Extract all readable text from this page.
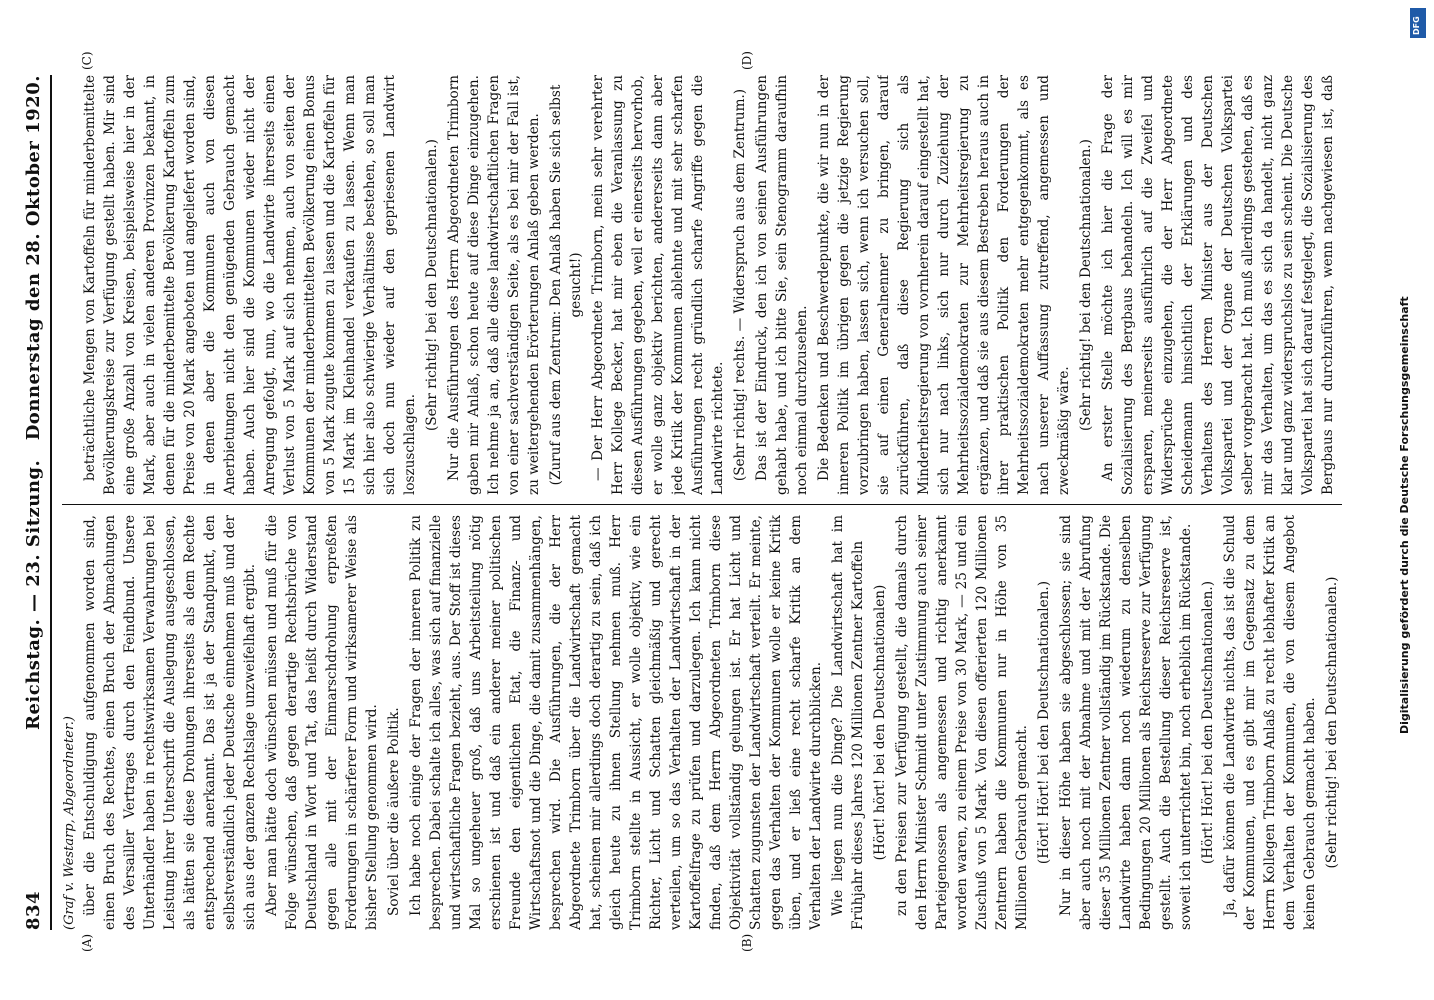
834
Reichstag. — 23. Sitzung.
Donnerstag den 28. Oktober 1920.
(Graf v. Westarp, Abgeordneter.)
(A)	(B)
(C)	(D)

über die Entschuldigung aufgenommen worden sind, einen Bruch des Rechtes, einen Bruch der Abmachungen des Versailler Vertrages durch den Feindbund. Unsere Unterhändler haben in rechtswirksamen Verwahrungen bei Leistung ihrer Unterschrift die Auslegung ausgeschlossen, als hätten sie diese Drohungen ihrerseits als dem Rechte entsprechend anerkannt. Das ist ja der Standpunkt, den selbstverständlich jeder Deutsche einnehmen muß und der sich aus der ganzen Rechtslage unzweifelhaft ergibt. Aber man hätte doch wünschen müssen und muß für die Folge wünschen, daß gegen derartige Rechtsbrüche von Deutschland in Wort und Tat, das heißt durch Widerstand gegen alle mit der Einmarschdrohung erpreßten Forderungen in schärferer Form und wirksamerer Weise als bisher Stellung genommen wird. Soviel über die äußere Politik. Ich habe noch einige der Fragen der inneren Politik zu besprechen. Dabei schalte ich alles, was sich auf finanzielle und wirtschaftliche Fragen bezieht, aus. Der Stoff ist dieses Mal so ungeheuer groß, daß uns Arbeitsteilung nötig erschienen ist und daß ein anderer meiner politischen Freunde den eigentlichen Etat, die Finanz- und Wirtschaftsnot und die Dinge, die damit zusammenhängen, besprechen wird. Die Ausführungen, die der Herr Abgeordnete Trimborn über die Landwirtschaft gemacht hat, scheinen mir allerdings doch derartig zu sein, daß ich gleich heute zu ihnen Stellung nehmen muß. Herr Trimborn stellte in Aussicht, er wolle objektiv, wie ein Richter, Licht und Schatten gleichmäßig und gerecht verteilen, um so das Verhalten der Landwirtschaft in der Kartoffelfrage zu prüfen und darzulegen. Ich kann nicht finden, daß dem Herrn Abgeordneten Trimborn diese Objektivität vollständig gelungen ist. Er hat Licht und Schatten zugunsten der Landwirtschaft verteilt. Er meinte, gegen das Verhalten der Kommunen wolle er keine Kritik üben, und er ließ eine recht scharfe Kritik an dem Verhalten der Landwirte durchblicken. Wie liegen nun die Dinge? Die Landwirtschaft hat im Frühjahr dieses Jahres 120 Millionen Zentner Kartoffeln (Hört! hört! bei den Deutschnationalen) zu den Preisen zur Verfügung gestellt, die damals durch den Herrn Minister Schmidt unter Zustimmung auch seiner Parteigenossen als angemessen und richtig anerkannt worden waren, zu einem Preise von 30 Mark, — 25 und ein Zuschuß von 5 Mark. Von diesen offerierten 120 Millionen Zentnern haben die Kommunen nur in Höhe von 35 Millionen Gebrauch gemacht. (Hört! Hört! bei den Deutschnationalen.) Nur in dieser Höhe haben sie abgeschlossen; sie sind aber auch noch mit der Abnahme und mit der Abrufung dieser 35 Millionen Zentner vollständig im Rückstande. Die Landwirte haben dann noch wiederum zu denselben Bedingungen 20 Millionen als Reichsreserve zur Verfügung gestellt. Auch die Bestellung dieser Reichsreserve ist, soweit ich unterrichtet bin, noch erheblich im Rückstande. (Hört! Hört! bei den Deutschnationalen.) Ja, dafür können die Landwirte nichts, das ist die Schuld der Kommunen, und es gibt mir im Gegensatz zu dem Herrn Kollegen Trimborn Anlaß zu recht lebhafter Kritik an dem Verhalten der Kommunen, die von diesem Angebot keinen Gebrauch gemacht haben. (Sehr richtig! bei den Deutschnationalen.)

beträchtliche Mengen von Kartoffeln für minderbemittelte Bevölkerungskreise zur Verfügung gestellt haben. Mir sind eine große Anzahl von Kreisen, beispielsweise hier in der Mark, aber auch in vielen anderen Provinzen bekannt, in denen für die minderbemittelte Bevölkerung Kartoffeln zum Preise von 20 Mark angeboten und angeliefert worden sind, in denen aber die Kommunen auch von diesen Anerbietungen nicht den genügenden Gebrauch gemacht haben. Auch hier sind die Kommunen wieder nicht der Anregung gefolgt, nun, wo die Landwirte ihrerseits einen Verlust von 5 Mark auf sich nehmen, auch von seiten der Kommunen der minderbemittelten Bevölkerung einen Bonus von 5 Mark zugute kommen zu lassen und die Kartoffeln für 15 Mark im Kleinhandel verkaufen zu lassen. Wenn man sich hier also schwierige Verhältnisse bestehen, so soll man sich doch nun wieder auf den gepriesenen Landwirt loszuschlagen.

(Sehr richtig! bei den Deutschnationalen.) Nur die Ausführungen des Herrn Abgeordneten Trimborn gaben mir Anlaß, schon heute auf diese Dinge einzugehen. Ich nehme ja an, daß alle diese landwirtschaftlichen Fragen von einer sachverständigen Seite, als es bei mir der Fall ist, zu weitergehenden Erörterungen Anlaß geben werden. (Zuruf aus dem Zentrum: Den Anlaß haben Sie sich selbst gesucht!) — Der Herr Abgeordnete Trimborn, mein sehr verehrter Herr Kollege Becker, hat mir eben die Veranlassung zu diesen Ausführungen gegeben, weil er einerseits hervorhob, er wolle ganz objektiv berichten, andererseits dann aber jede Kritik der Kommunen ablehnte und mit sehr scharfen Ausführungen recht gründlich scharfe Angriffe gegen die Landwirte richtete. (Sehr richtig! rechts. — Widerspruch aus dem Zentrum.) Das ist der Eindruck, den ich von seinen Ausführungen gehabt habe, und ich bitte Sie, sein Stenogramm daraufhin noch einmal durchzusehen. Die Bedenken und Beschwerdepunkte, die wir nun in der inneren Politik im übrigen gegen die jetzige Regierung vorzubringen haben, lassen sich, wenn ich versuchen soll, sie auf einen Generalnenner zu bringen, darauf zurückführen, daß diese Regierung sich als Minderheitsregierung von vornherein darauf eingestellt hat, sich nur nach links, sich nur durch Zuziehung der Mehrheitssozialdemokraten zur Mehrheitsregierung zu ergänzen, und daß sie aus diesem Bestreben heraus auch in ihrer praktischen Politik den Forderungen der Mehrheitssozialdemokraten mehr entgegenkommt, als es nach unserer Auffassung zutreffend, angemessen und zweckmäßig wäre. (Sehr richtig! bei den Deutschnationalen.)

An erster Stelle möchte ich hier die Frage der Sozialisierung des Bergbaus behandeln. Ich will es mir ersparen, meinerseits ausführlich auf die Zweifel und Widersprüche einzugehen, die der Herr Abgeordnete Scheidemann hinsichtlich der Erklärungen und des Verhaltens des Herren Minister aus der Deutschen Volkspartei und der Organe der Deutschen Volkspartei selber vorgebracht hat. Ich muß allerdings gestehen, daß es mir das Verhalten, um das es sich da handelt, nicht ganz klar und ganz widerspruchslos zu sein scheint. Die Deutsche Volkspartei hat sich darauf festgelegt, die Sozialisierung des Bergbaus nur durchzuführen, wenn nachgewiesen ist, daß

Digitalisierung gefördert durch die Deutsche Forschungsgemeinschaft
DFG
